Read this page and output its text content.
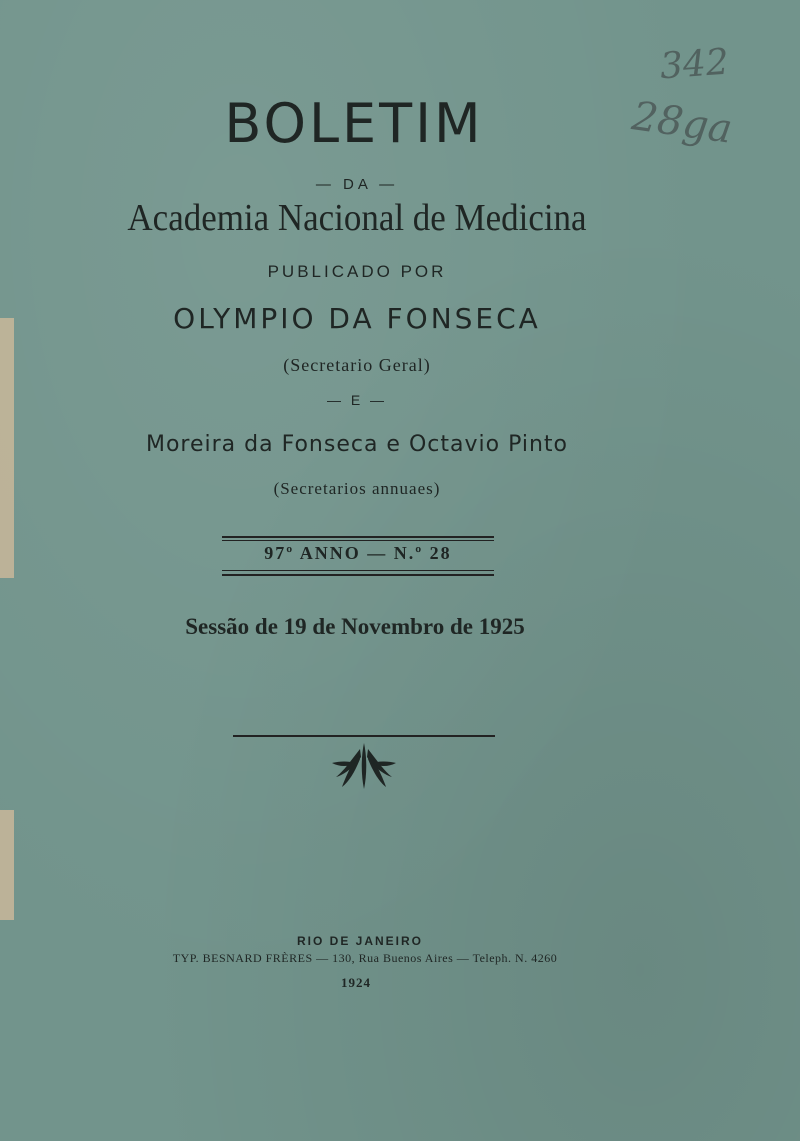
342
28ga
BOLETIM
— DA —
Academia Nacional de Medicina
PUBLICADO POR
OLYMPIO DA FONSECA
(Secretario Geral)
— E —
Moreira da Fonseca e Octavio Pinto
(Secretarios annuaes)
97º ANNO — N.º 28
Sessão de 19 de Novembro de 1925
RIO DE JANEIRO
TYP. BESNARD FRÈRES — 130, Rua Buenos Aires — Teleph. N. 4260
1924
